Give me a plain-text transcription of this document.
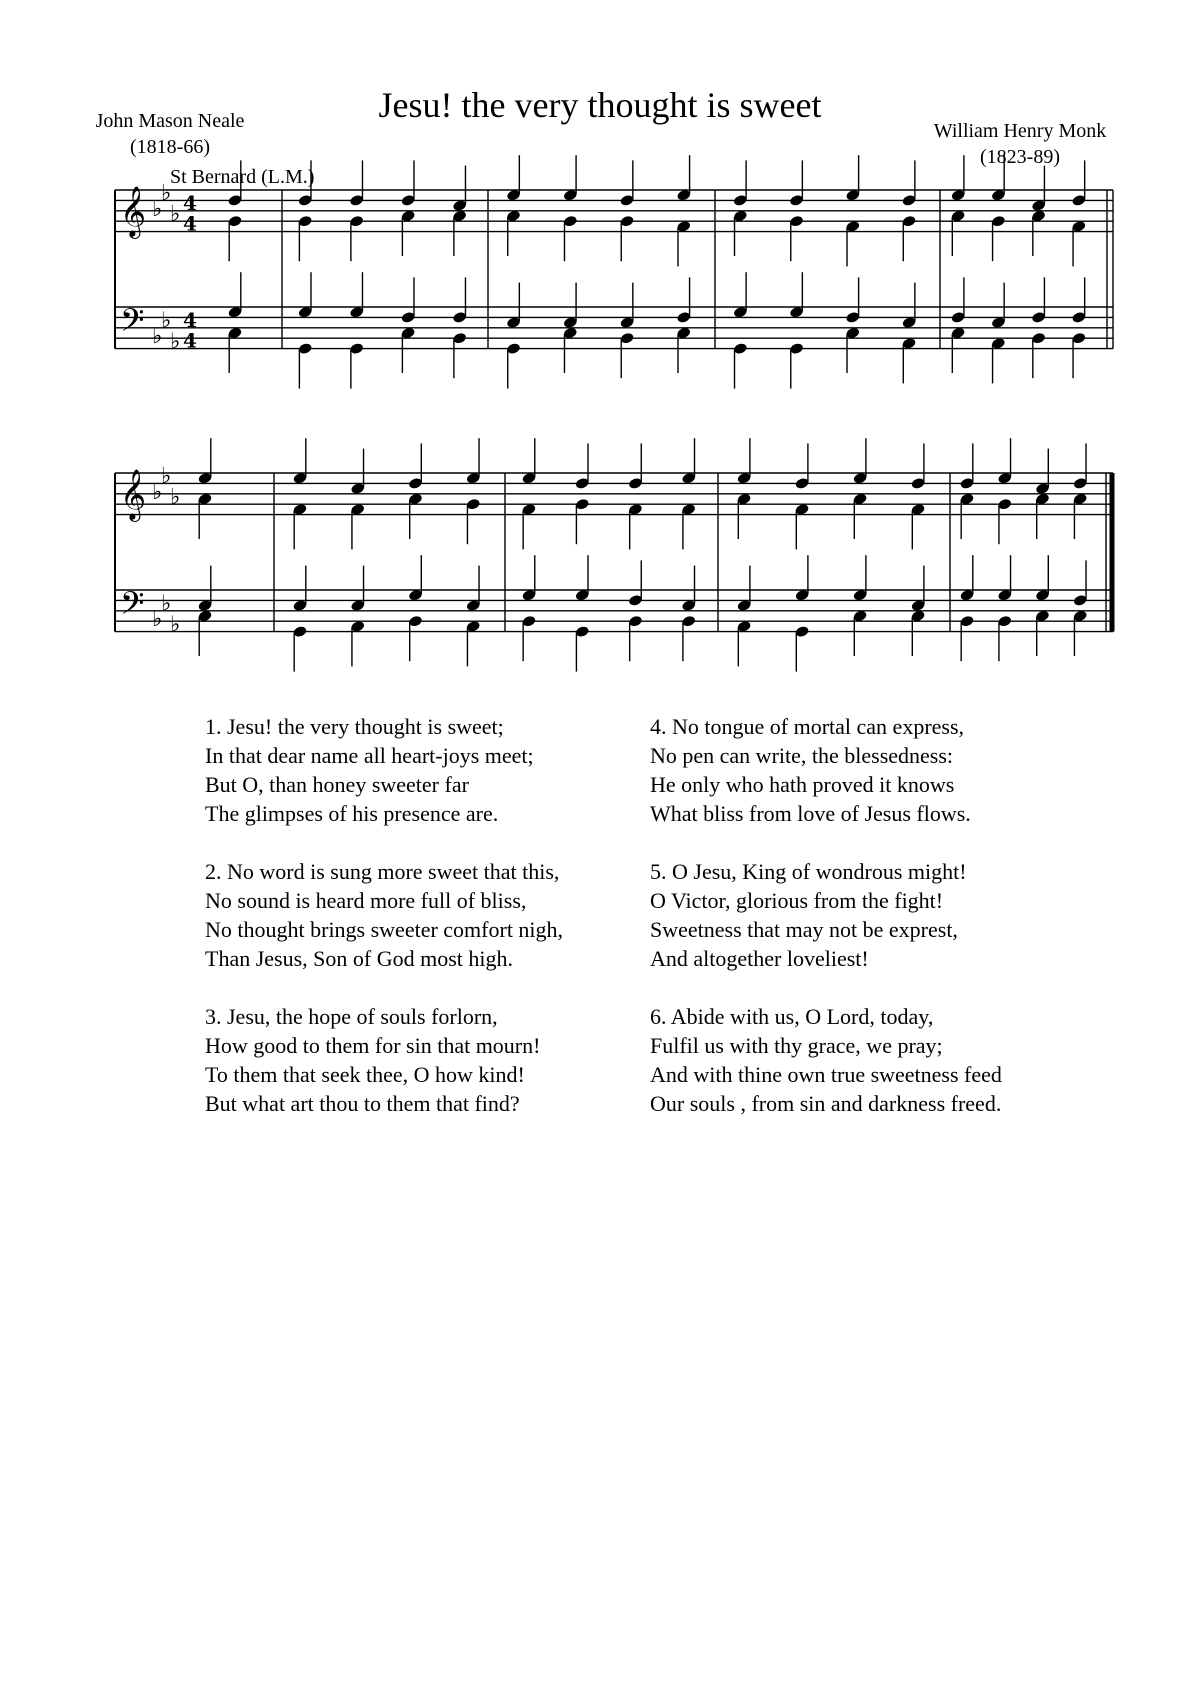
Jesu! the very thought is sweet
John Mason Neale
(1818-66)
William Henry Monk
(1823-89)
St Bernard (L.M.)
𝄞
𝄢
♭
♭
♭
♭
♭
♭
4
4
4
4
𝄞
𝄢
♭
♭
♭
♭
♭
♭
1. Jesu! the very thought is sweet;
In that dear name all heart-joys meet;
But O, than honey sweeter far
The glimpses of his presence are.
2. No word is sung more sweet that this,
No sound is heard more full of bliss,
No thought brings sweeter comfort nigh,
Than Jesus, Son of God most high.
3. Jesu, the hope of souls forlorn,
How good to them for sin that mourn!
To them that seek thee, O how kind!
But what art thou to them that find?
4. No tongue of mortal can express,
No pen can write, the blessedness:
He only who hath proved it knows
What bliss from love of Jesus flows.
5. O Jesu, King of wondrous might!
O Victor, glorious from the fight!
Sweetness that may not be exprest,
And altogether loveliest!
6. Abide with us, O Lord, today,
Fulfil us with thy grace, we pray;
And with thine own true sweetness feed
Our souls , from sin and darkness freed.
